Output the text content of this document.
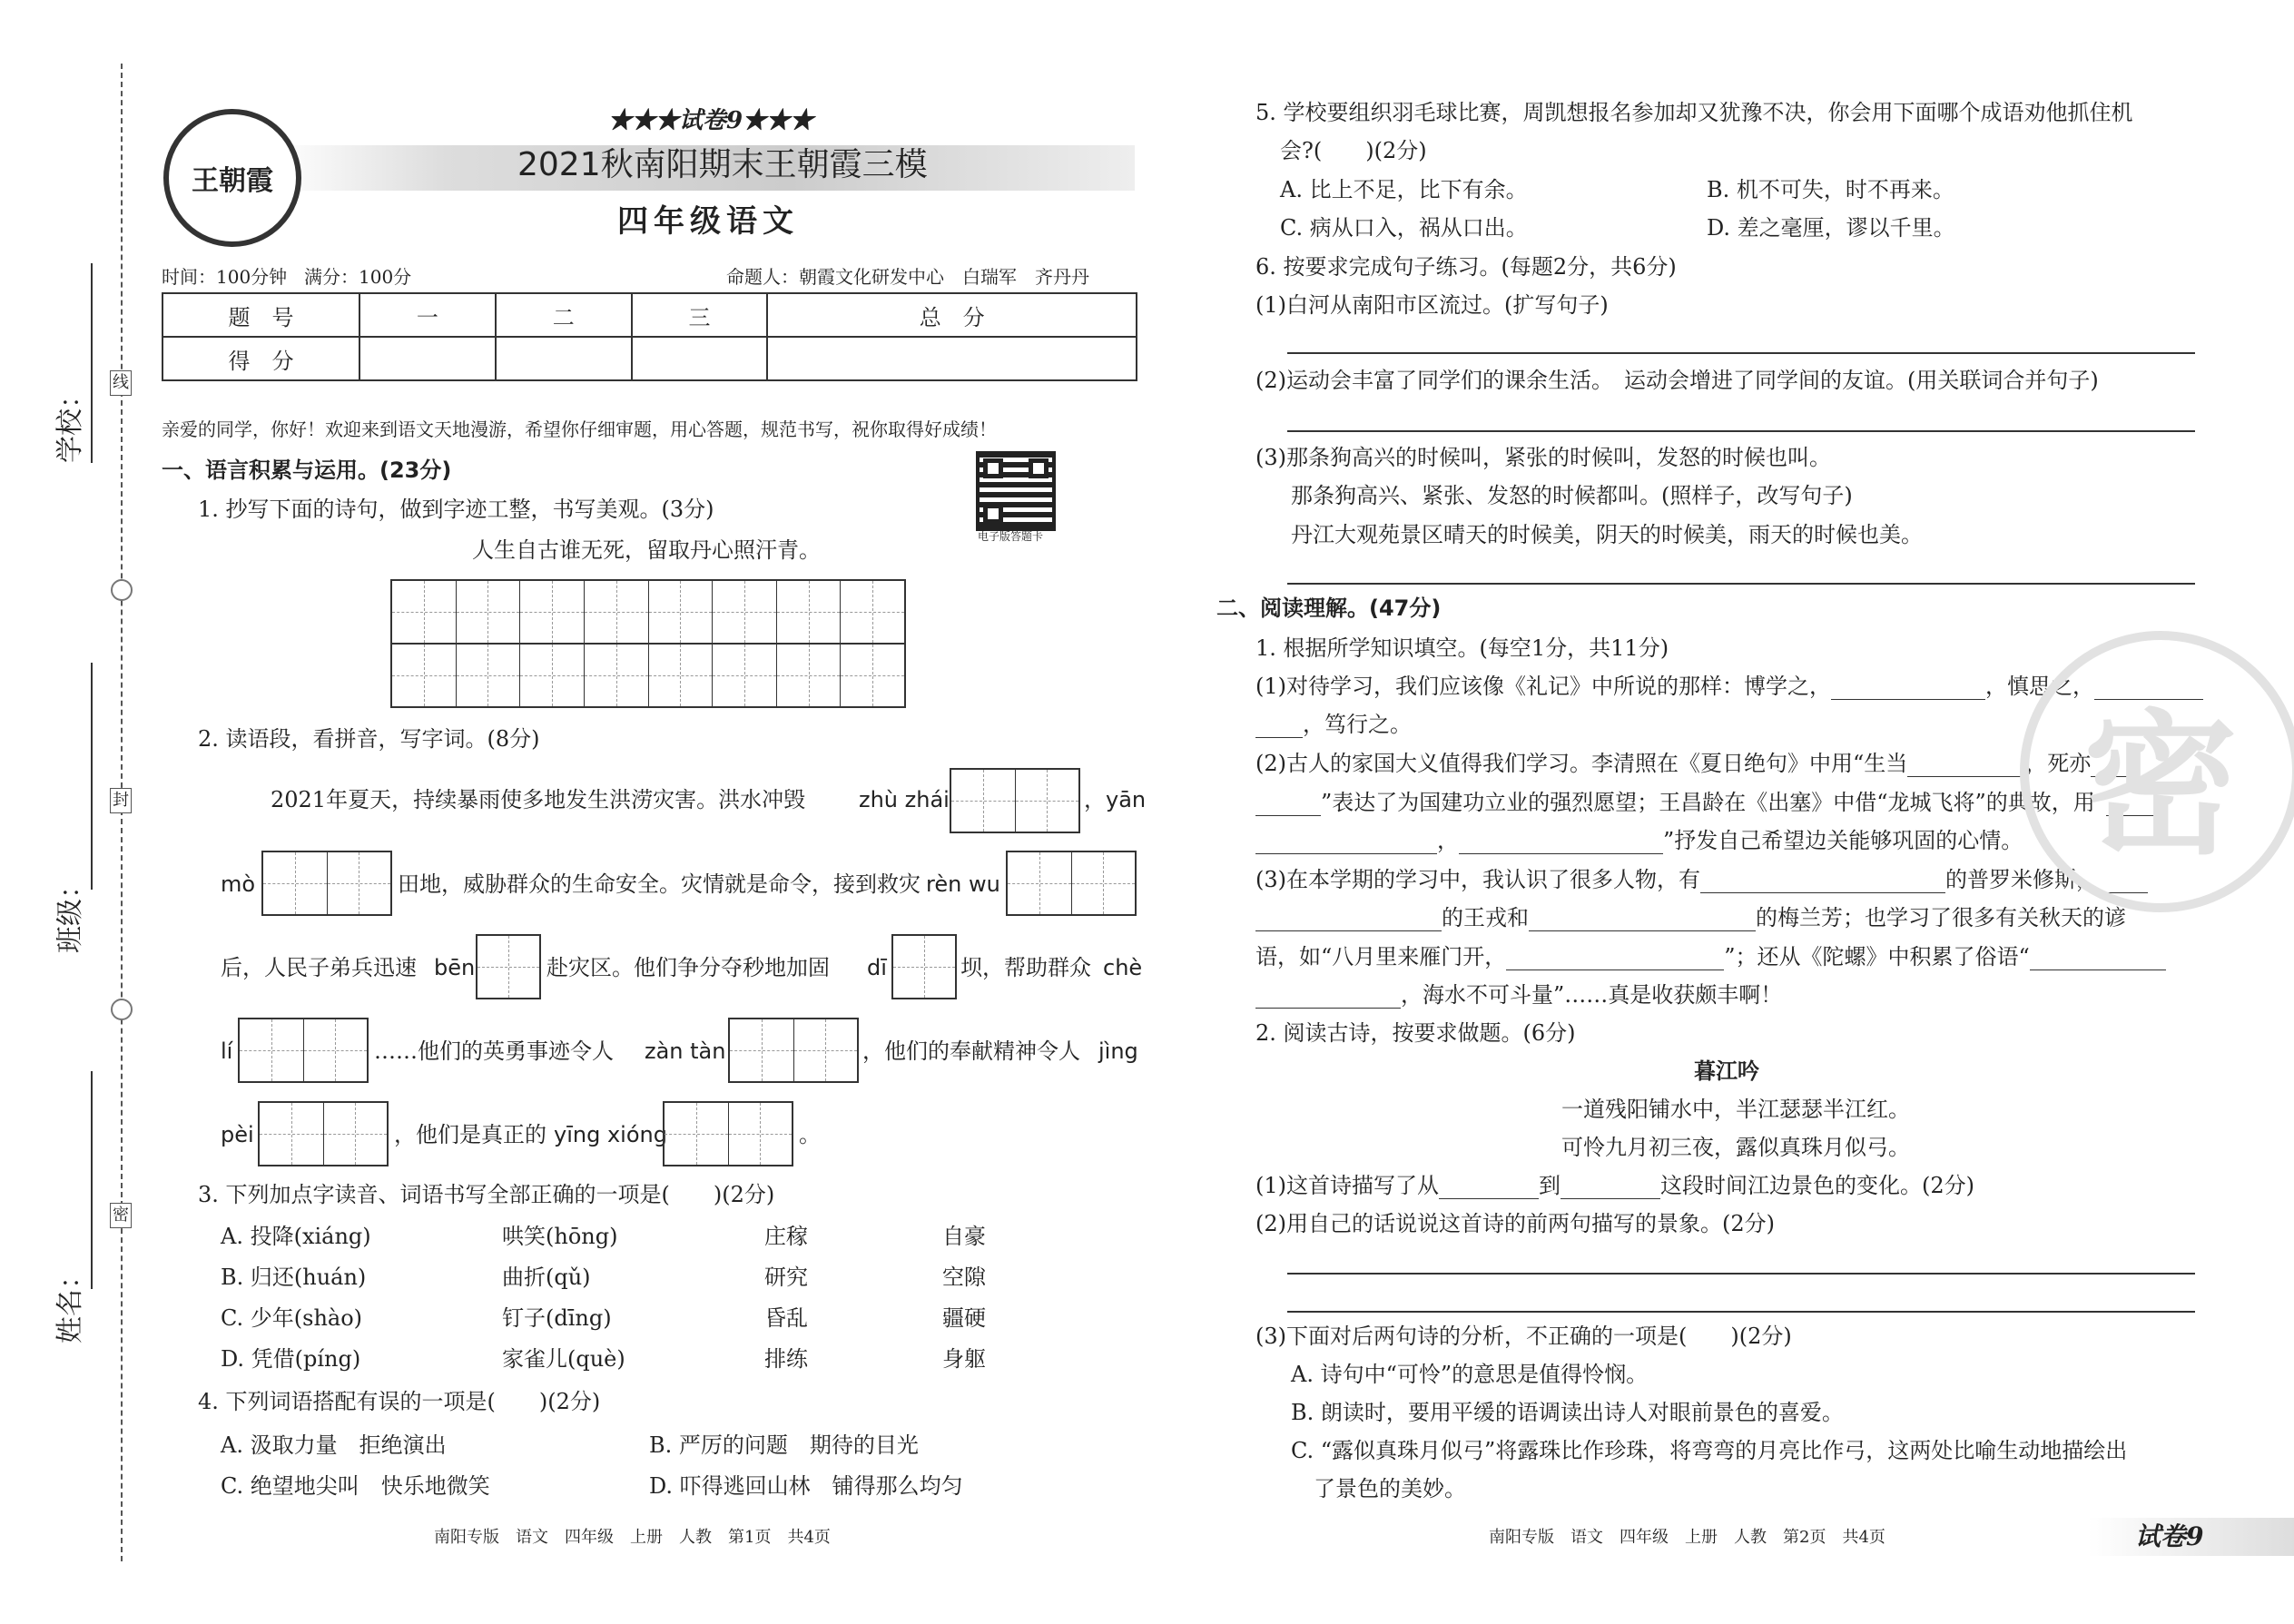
学校：
班级：
姓名：
线
封
密
王朝霞
★★★试卷9★★★
2021秋南阳期末王朝霞三模
四年级语文
时间：100分钟 满分：100分	命题人：朝霞文化研发中心　白瑞军　齐丹丹
题　号	一	二	三	总　分
得　分				
亲爱的同学，你好！欢迎来到语文天地漫游，希望你仔细审题，用心答题，规范书写，祝你取得好成绩！
电子版答题卡
一、语言积累与运用。(23分)
1. 抄写下面的诗句，做到字迹工整，书写美观。(3分)
人生自古谁无死，留取丹心照汗青。
2. 读语段，看拼音，写字词。(8分)
2021年夏天，持续暴雨使多地发生洪涝灾害。洪水冲毁 zhù zhái	，yān
mò	田地，威胁群众的生命安全。灾情就是命令，接到救灾 rèn wu
后，人民子弟兵迅速 bēn	赴灾区。他们争分夺秒地加固 dī	坝，帮助群众 chè
lí	……他们的英勇事迹令人 zàn tàn	，他们的奉献精神令人 jìng
pèi	，他们是真正的 yīng xióng	。
3. 下列加点字读音、词语书写全部正确的一项是(　　)(2分)
A. 投降(xiáng)	哄笑(hōng)	庄稼	自豪
B. 归还(huán)	曲折(qǔ)	研究	空隙
C. 少年(shào)	钉子(dīng)	昏乱	疆硬
D. 凭借(píng)	家雀儿(què)	排练	身躯
4. 下列词语搭配有误的一项是(　　)(2分)
A. 汲取力量　拒绝演出	B. 严厉的问题　期待的目光
C. 绝望地尖叫　快乐地微笑	D. 吓得逃回山林　铺得那么均匀
南阳专版　语文　四年级　上册　人教　第1页　共4页
5. 学校要组织羽毛球比赛，周凯想报名参加却又犹豫不决，你会用下面哪个成语劝他抓住机
会?(　　)(2分)
A. 比上不足，比下有余。	B. 机不可失，时不再来。
C. 病从口入，祸从口出。	D. 差之毫厘，谬以千里。
6. 按要求完成句子练习。(每题2分，共6分)
(1)白河从南阳市区流过。(扩写句子)
(2)运动会丰富了同学们的课余生活。　运动会增进了同学间的友谊。(用关联词合并句子)
(3)那条狗高兴的时候叫，紧张的时候叫，发怒的时候也叫。
那条狗高兴、紧张、发怒的时候都叫。(照样子，改写句子)
丹江大观苑景区晴天的时候美，阴天的时候美，雨天的时候也美。
二、阅读理解。(47分)
1. 根据所学知识填空。(每空1分，共11分)
(1)对待学习，我们应该像《礼记》中所说的那样：博学之，	，慎思之，
，笃行之。
(2)古人的家国大义值得我们学习。李清照在《夏日绝句》中用“生当	，死亦
”表达了为国建功立业的强烈愿望；王昌龄在《出塞》中借“龙城飞将”的典故，用“
，	”抒发自己希望边关能够巩固的心情。
(3)在本学期的学习中，我认识了很多人物，有	的普罗米修斯，
的王戎和	的梅兰芳；也学习了很多有关秋天的谚
语，如“八月里来雁门开，	”；还从《陀螺》中积累了俗语“
，海水不可斗量”……真是收获颇丰啊！
2. 阅读古诗，按要求做题。(6分)
暮江吟
一道残阳铺水中，半江瑟瑟半江红。
可怜九月初三夜，露似真珠月似弓。
(1)这首诗描写了从	到	这段时间江边景色的变化。(2分)
(2)用自己的话说说这首诗的前两句描写的景象。(2分)
(3)下面对后两句诗的分析，不正确的一项是(　　)(2分)
A. 诗句中“可怜”的意思是值得怜悯。
B. 朗读时，要用平缓的语调读出诗人对眼前景色的喜爱。
C. “露似真珠月似弓”将露珠比作珍珠，将弯弯的月亮比作弓，这两处比喻生动地描绘出
了景色的美妙。
南阳专版　语文　四年级　上册　人教　第2页　共4页	试卷9
密
